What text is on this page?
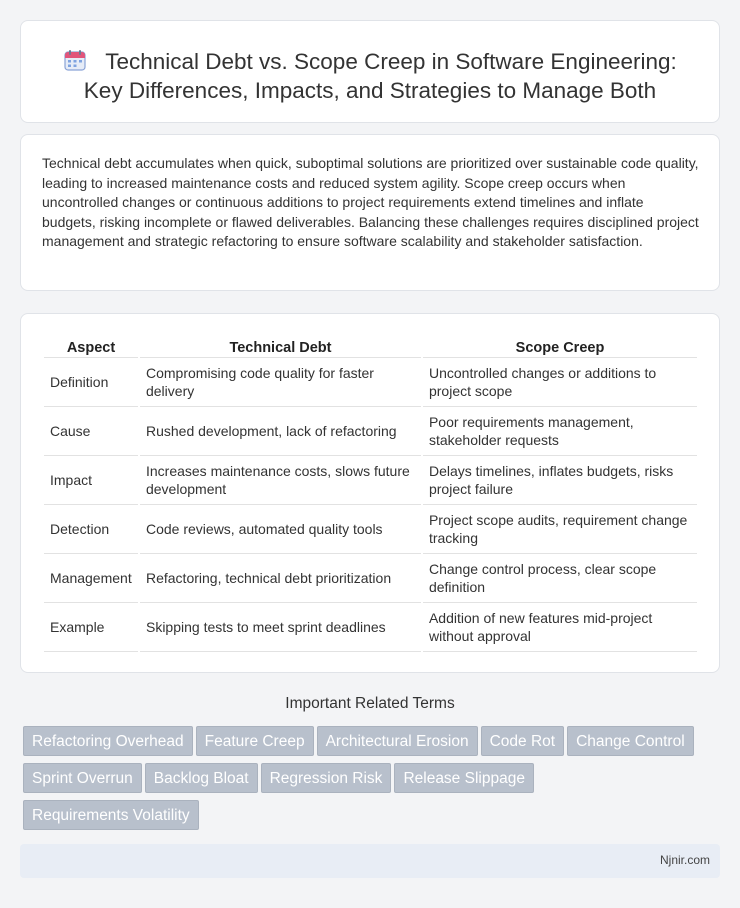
Technical Debt vs. Scope Creep in Software Engineering:
Key Differences, Impacts, and Strategies to Manage Both

Technical debt accumulates when quick, suboptimal solutions are prioritized over sustainable code quality, leading to increased maintenance costs and reduced system agility. Scope creep occurs when uncontrolled changes or continuous additions to project requirements extend timelines and inflate budgets, risking incomplete or flawed deliverables. Balancing these challenges requires disciplined project management and strategic refactoring to ensure software scalability and stakeholder satisfaction.

Aspect	Technical Debt	Scope Creep
Definition	Compromising code quality for faster delivery	Uncontrolled changes or additions to project scope
Cause	Rushed development, lack of refactoring	Poor requirements management, stakeholder requests
Impact	Increases maintenance costs, slows future development	Delays timelines, inflates budgets, risks project failure
Detection	Code reviews, automated quality tools	Project scope audits, requirement change tracking
Management	Refactoring, technical debt prioritization	Change control process, clear scope definition
Example	Skipping tests to meet sprint deadlines	Addition of new features mid-project without approval
Important Related Terms
Refactoring Overhead Feature Creep Architectural Erosion Code Rot Change ControlSprint Overrun Backlog Bloat Regression Risk Release SlippageRequirements Volatility
Njnir.com
